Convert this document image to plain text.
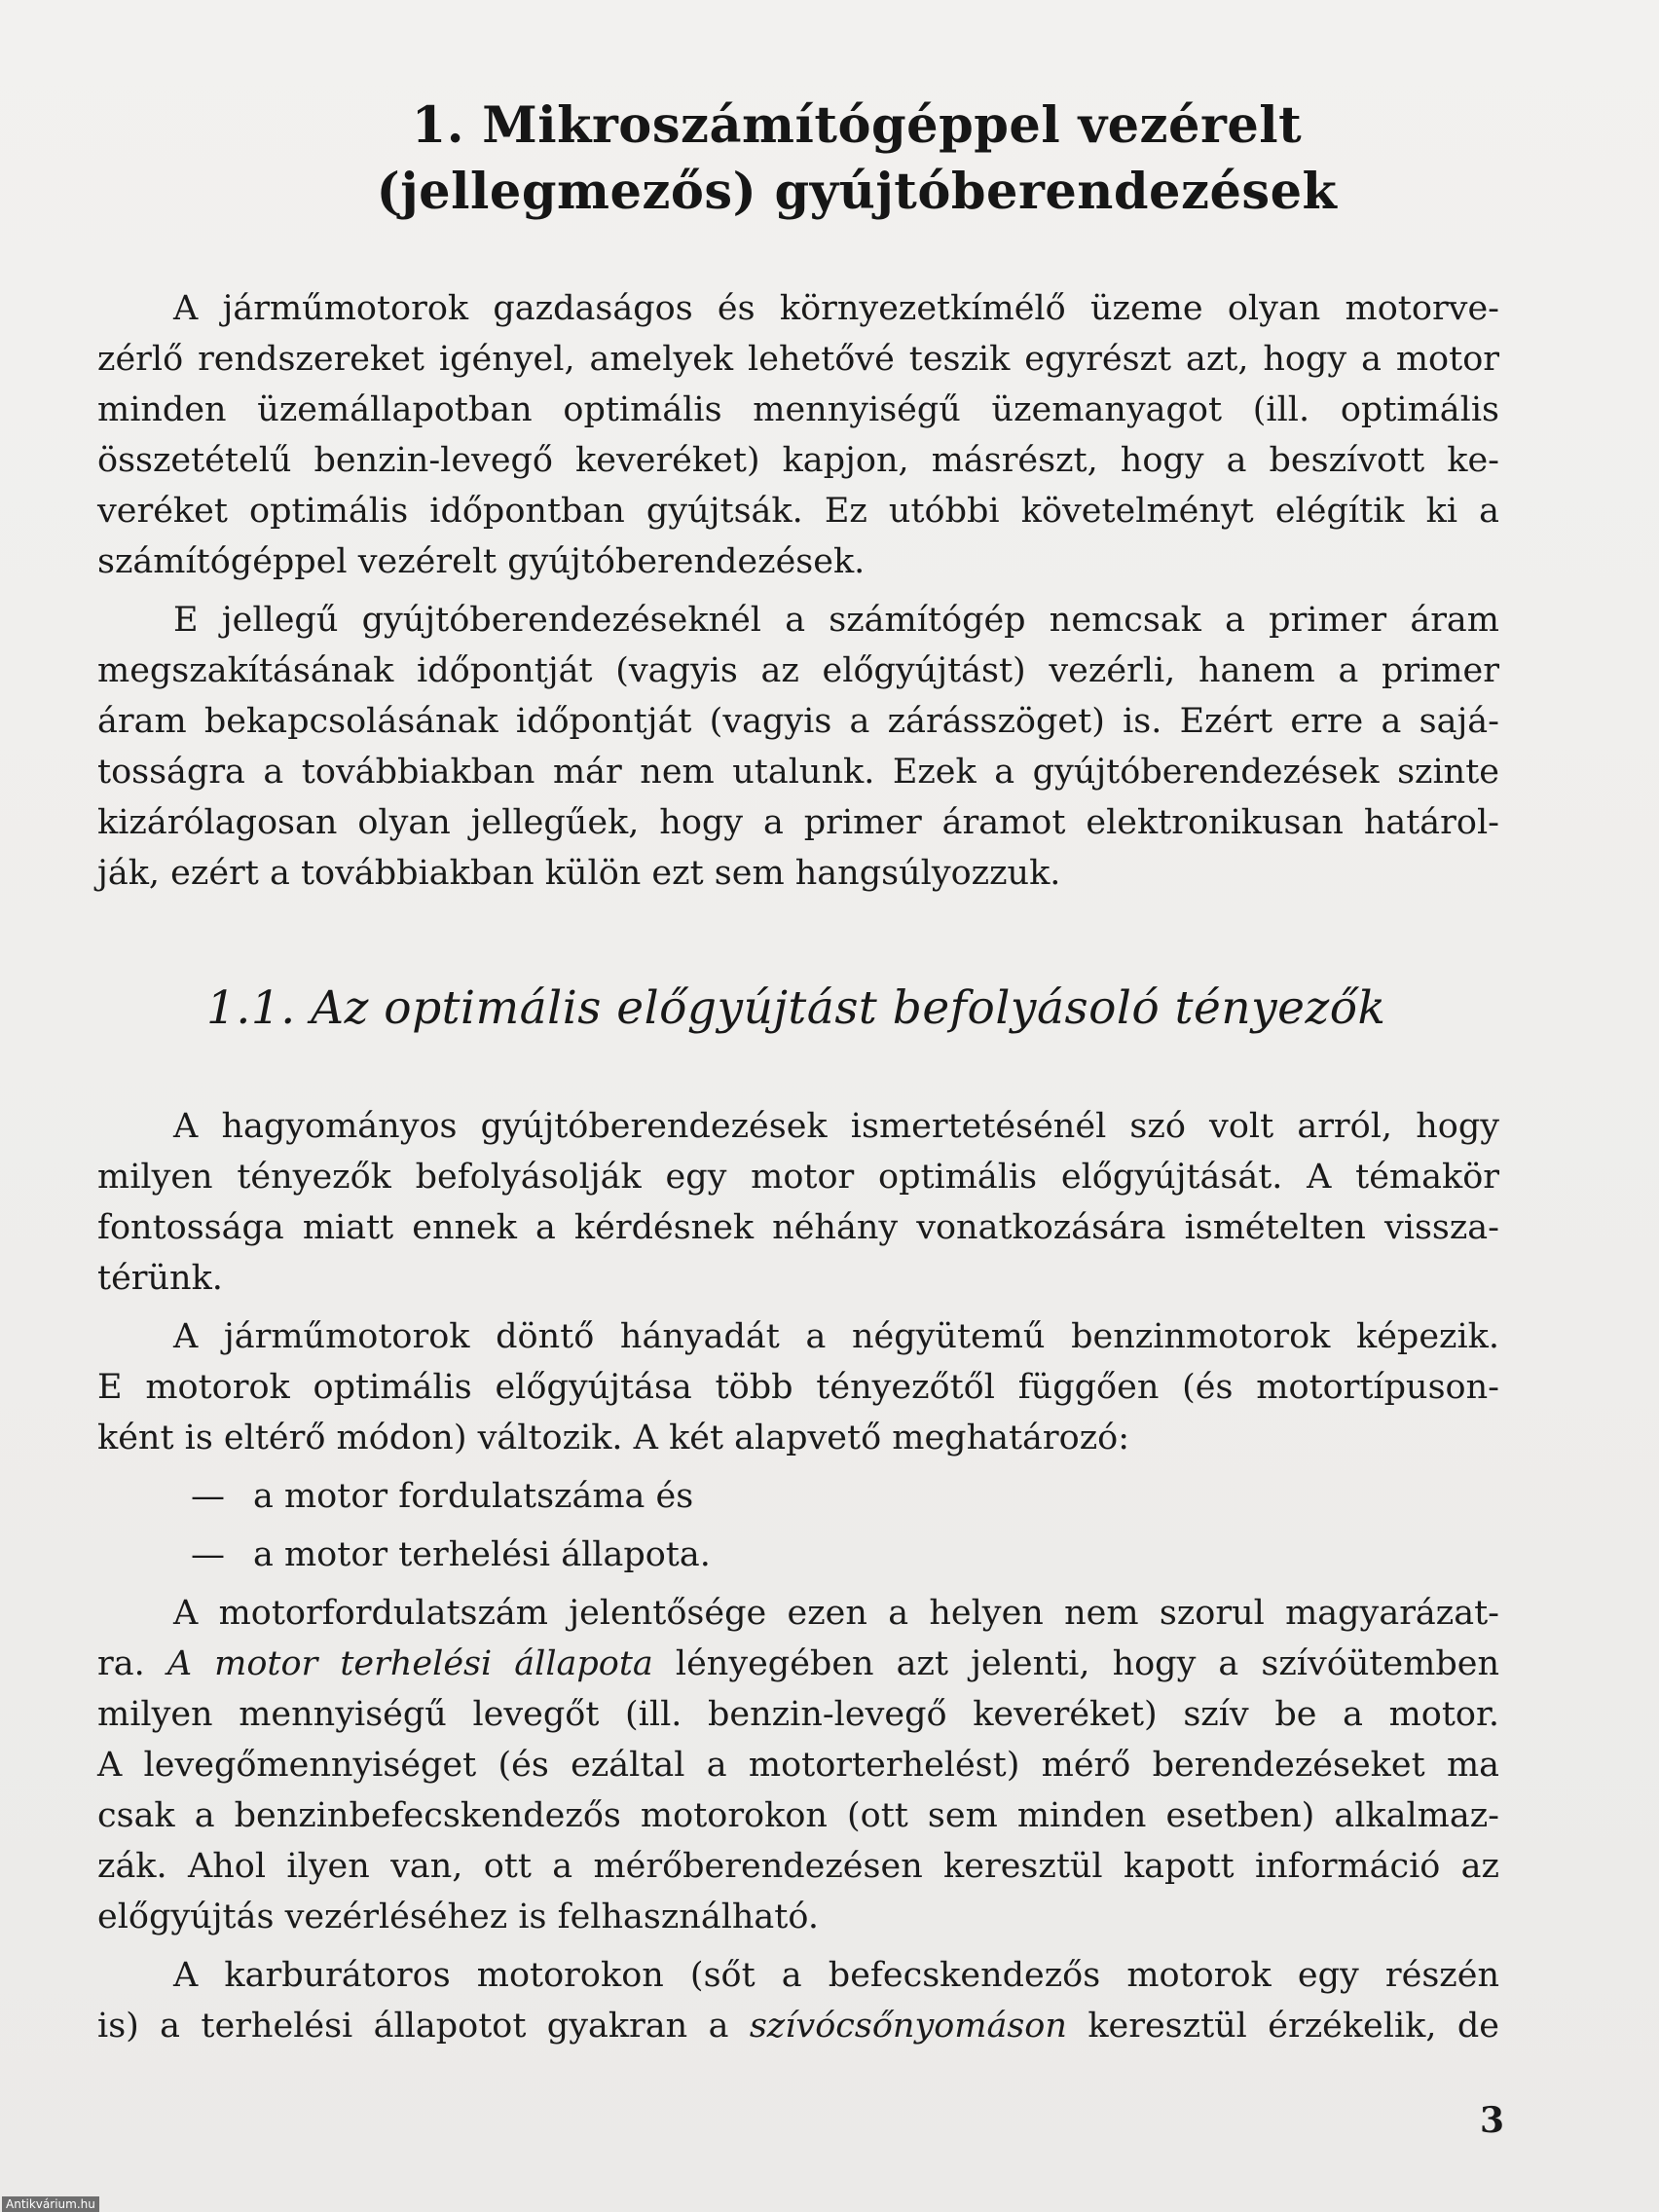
1. Mikroszámítógéppel vezérelt
(jellegmezős) gyújtóberendezések
A járműmotorok gazdaságos és környezetkímélő üzeme olyan motorve-
zérlő rendszereket igényel, amelyek lehetővé teszik egyrészt azt, hogy a motor
minden üzemállapotban optimális mennyiségű üzemanyagot (ill. optimális
összetételű benzin-levegő keveréket) kapjon, másrészt, hogy a beszívott ke-
veréket optimális időpontban gyújtsák. Ez utóbbi követelményt elégítik ki a
számítógéppel vezérelt gyújtóberendezések.
E jellegű gyújtóberendezéseknél a számítógép nemcsak a primer áram
megszakításának időpontját (vagyis az előgyújtást) vezérli, hanem a primer
áram bekapcsolásának időpontját (vagyis a zárásszöget) is. Ezért erre a sajá-
tosságra a továbbiakban már nem utalunk. Ezek a gyújtóberendezések szinte
kizárólagosan olyan jellegűek, hogy a primer áramot elektronikusan határol-
ják, ezért a továbbiakban külön ezt sem hangsúlyozzuk.
1.1. Az optimális előgyújtást befolyásoló tényezők
A hagyományos gyújtóberendezések ismertetésénél szó volt arról, hogy
milyen tényezők befolyásolják egy motor optimális előgyújtását. A témakör
fontossága miatt ennek a kérdésnek néhány vonatkozására ismételten vissza-
térünk.
A járműmotorok döntő hányadát a négyütemű benzinmotorok képezik.
E motorok optimális előgyújtása több tényezőtől függően (és motortípuson-
ként is eltérő módon) változik. A két alapvető meghatározó:
— a motor fordulatszáma és
— a motor terhelési állapota.
A motorfordulatszám jelentősége ezen a helyen nem szorul magyarázat-
ra. A motor terhelési állapota lényegében azt jelenti, hogy a szívóütemben
milyen mennyiségű levegőt (ill. benzin-levegő keveréket) szív be a motor.
A levegőmennyiséget (és ezáltal a motorterhelést) mérő berendezéseket ma
csak a benzinbefecskendezős motorokon (ott sem minden esetben) alkalmaz-
zák. Ahol ilyen van, ott a mérőberendezésen keresztül kapott információ az
előgyújtás vezérléséhez is felhasználható.
A karburátoros motorokon (sőt a befecskendezős motorok egy részén
is) a terhelési állapotot gyakran a szívócsőnyomáson keresztül érzékelik, de
3
Antikvárium.hu
